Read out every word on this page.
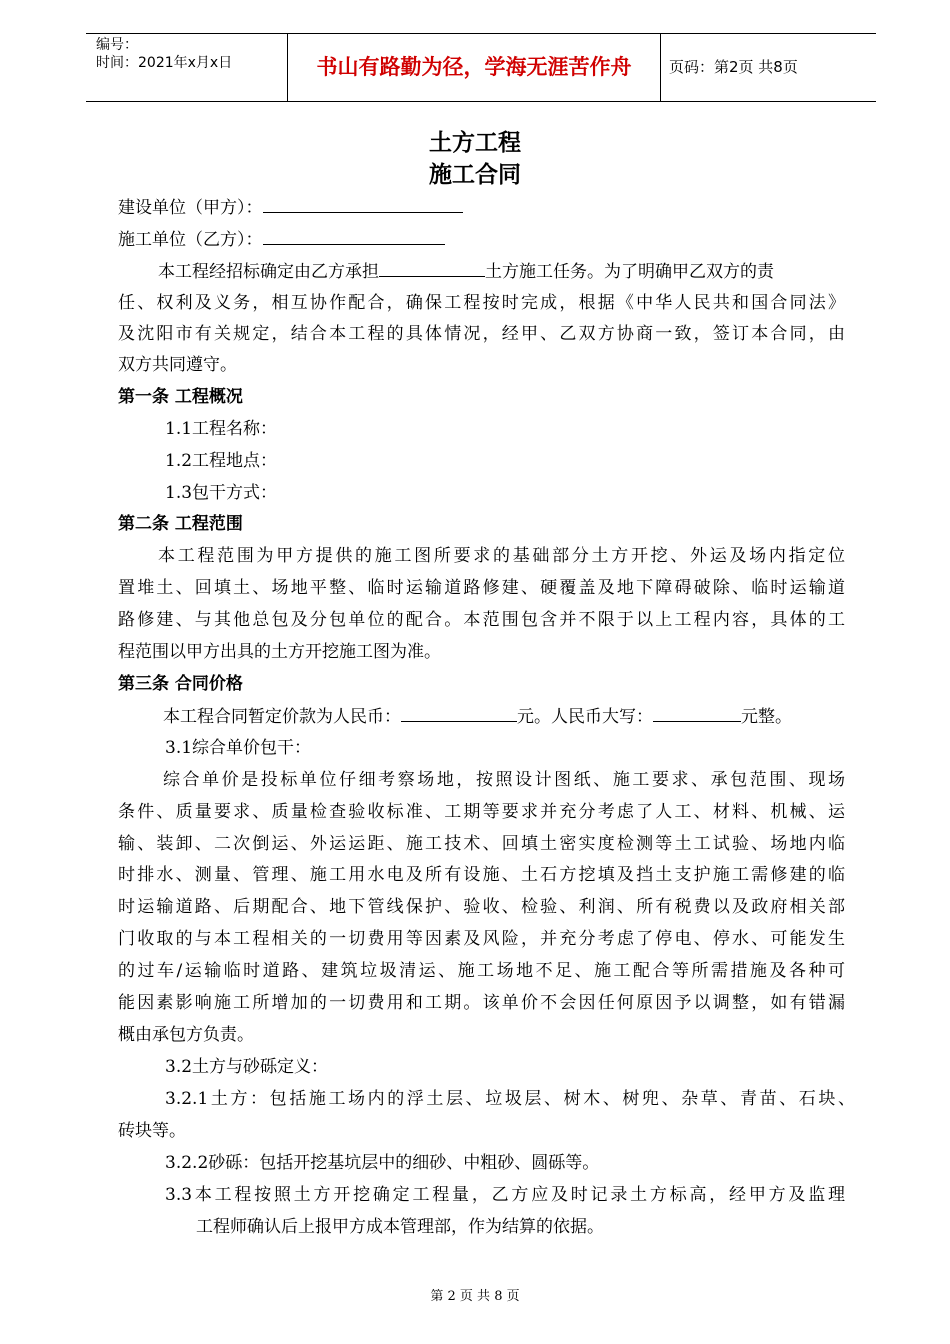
编号：
时间：2021年x月x日	书山有路勤为径，学海无涯苦作舟	页码：第2页 共8页
土方工程
施工合同
建设单位（甲方）：
施工单位（乙方）：
本工程经招标确定由乙方承担	土方施工任务。为了明确甲乙双方的责
任、权利及义务，相互协作配合，确保工程按时完成，根据《中华人民共和国合同法》
及沈阳市有关规定，结合本工程的具体情况，经甲、乙双方协商一致，签订本合同，由
双方共同遵守。
第一条 工程概况
1.1工程名称：
1.2工程地点：
1.3包干方式：
第二条 工程范围
本工程范围为甲方提供的施工图所要求的基础部分土方开挖、外运及场内指定位
置堆土、回填土、场地平整、临时运输道路修建、硬覆盖及地下障碍破除、临时运输道
路修建、与其他总包及分包单位的配合。本范围包含并不限于以上工程内容，具体的工
程范围以甲方出具的土方开挖施工图为准。
第三条 合同价格
本工程合同暂定价款为人民币：	元。人民币大写：	元整。
3.1综合单价包干：
综合单价是投标单位仔细考察场地，按照设计图纸、施工要求、承包范围、现场
条件、质量要求、质量检查验收标准、工期等要求并充分考虑了人工、材料、机械、运
输、装卸、二次倒运、外运运距、施工技术、回填土密实度检测等土工试验、场地内临
时排水、测量、管理、施工用水电及所有设施、土石方挖填及挡土支护施工需修建的临
时运输道路、后期配合、地下管线保护、验收、检验、利润、所有税费以及政府相关部
门收取的与本工程相关的一切费用等因素及风险，并充分考虑了停电、停水、可能发生
的过车/运输临时道路、建筑垃圾清运、施工场地不足、施工配合等所需措施及各种可
能因素影响施工所增加的一切费用和工期。该单价不会因任何原因予以调整，如有错漏
概由承包方负责。
3.2土方与砂砾定义：
3.2.1土方：包括施工场内的浮土层、垃圾层、树木、树兜、杂草、青苗、石块、
砖块等。
3.2.2砂砾：包括开挖基坑层中的细砂、中粗砂、圆砾等。
3.3本工程按照土方开挖确定工程量，乙方应及时记录土方标高，经甲方及监理
工程师确认后上报甲方成本管理部，作为结算的依据。
第 2 页 共 8 页
